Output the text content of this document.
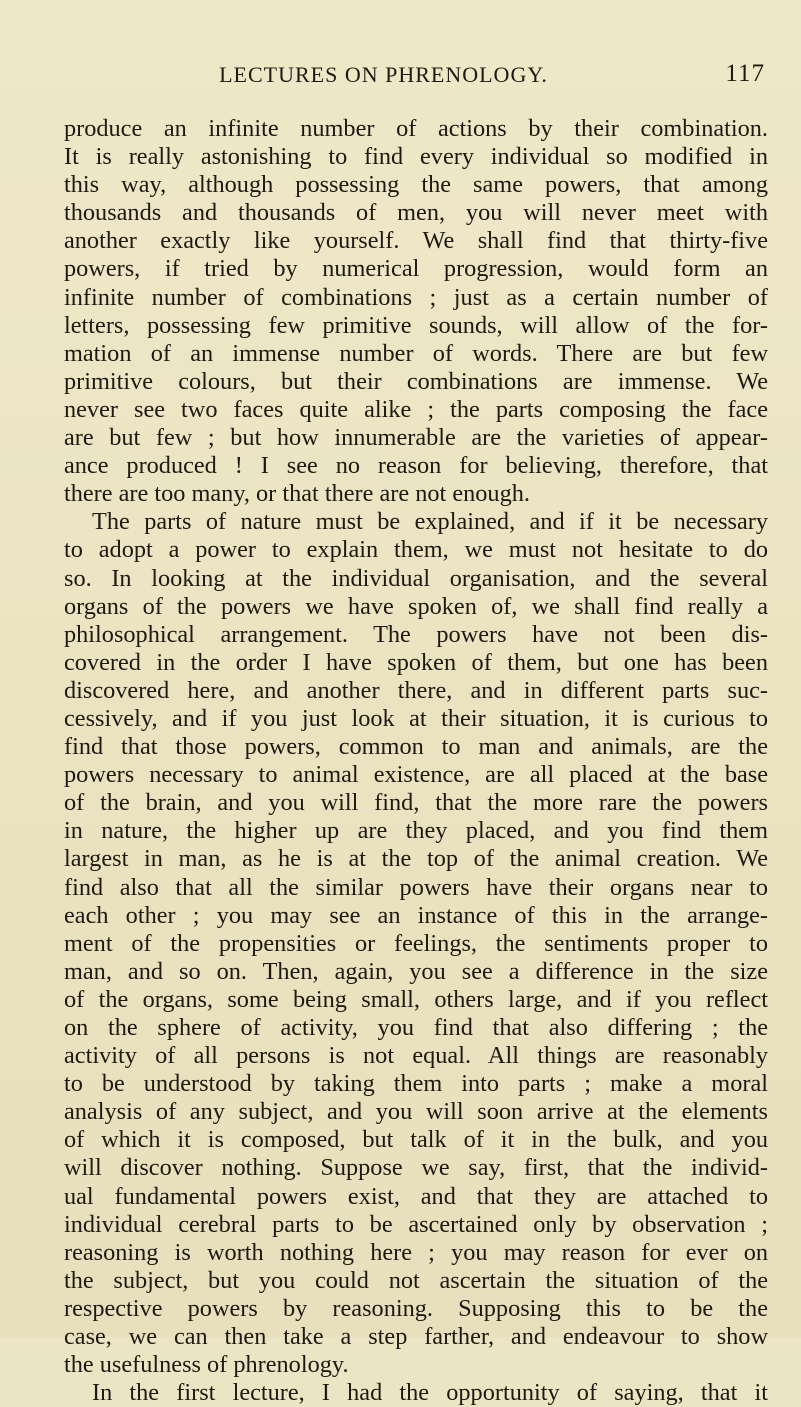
LECTURES ON PHRENOLOGY.	117
produce an infinite number of actions by their combination.
It is really astonishing to find every individual so modified in
this way, although possessing the same powers, that among
thousands and thousands of men, you will never meet with
another exactly like yourself. We shall find that thirty-five
powers, if tried by numerical progression, would form an
infinite number of combinations ; just as a certain number of
letters, possessing few primitive sounds, will allow of the for-
mation of an immense number of words. There are but few
primitive colours, but their combinations are immense. We
never see two faces quite alike ; the parts composing the face
are but few ; but how innumerable are the varieties of appear-
ance produced ! I see no reason for believing, therefore, that
there are too many, or that there are not enough.
The parts of nature must be explained, and if it be necessary
to adopt a power to explain them, we must not hesitate to do
so. In looking at the individual organisation, and the several
organs of the powers we have spoken of, we shall find really a
philosophical arrangement. The powers have not been dis-
covered in the order I have spoken of them, but one has been
discovered here, and another there, and in different parts suc-
cessively, and if you just look at their situation, it is curious to
find that those powers, common to man and animals, are the
powers necessary to animal existence, are all placed at the base
of the brain, and you will find, that the more rare the powers
in nature, the higher up are they placed, and you find them
largest in man, as he is at the top of the animal creation. We
find also that all the similar powers have their organs near to
each other ; you may see an instance of this in the arrange-
ment of the propensities or feelings, the sentiments proper to
man, and so on. Then, again, you see a difference in the size
of the organs, some being small, others large, and if you reflect
on the sphere of activity, you find that also differing ; the
activity of all persons is not equal. All things are reasonably
to be understood by taking them into parts ; make a moral
analysis of any subject, and you will soon arrive at the elements
of which it is composed, but talk of it in the bulk, and you
will discover nothing. Suppose we say, first, that the individ-
ual fundamental powers exist, and that they are attached to
individual cerebral parts to be ascertained only by observation ;
reasoning is worth nothing here ; you may reason for ever on
the subject, but you could not ascertain the situation of the
respective powers by reasoning. Supposing this to be the
case, we can then take a step farther, and endeavour to show
the usefulness of phrenology.
In the first lecture, I had the opportunity of saying, that it
